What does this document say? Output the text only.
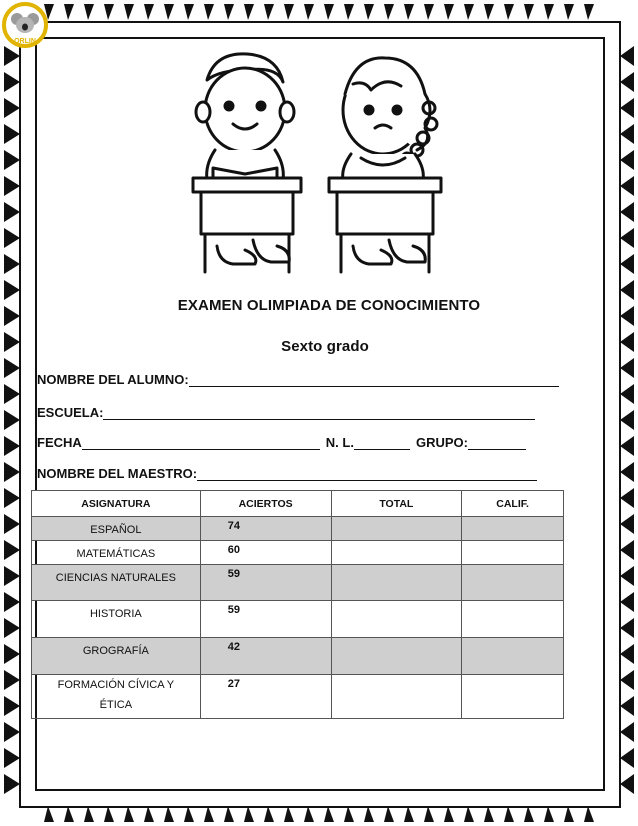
ORLIN
EXAMEN OLIMPIADA DE CONOCIMIENTO
Sexto grado
NOMBRE DEL ALUMNO:
ESCUELA:
FECHA	N. L.	GRUPO:
NOMBRE DEL MAESTRO:
ASIGNATURA	ACIERTOS	TOTAL	CALIF.
ESPAÑOL	74		
MATEMÁTICAS	60		
CIENCIAS NATURALES	59		
HISTORIA	59		
GROGRAFÍA	42		
FORMACIÓN CÍVICA Y ÉTICA	27		
